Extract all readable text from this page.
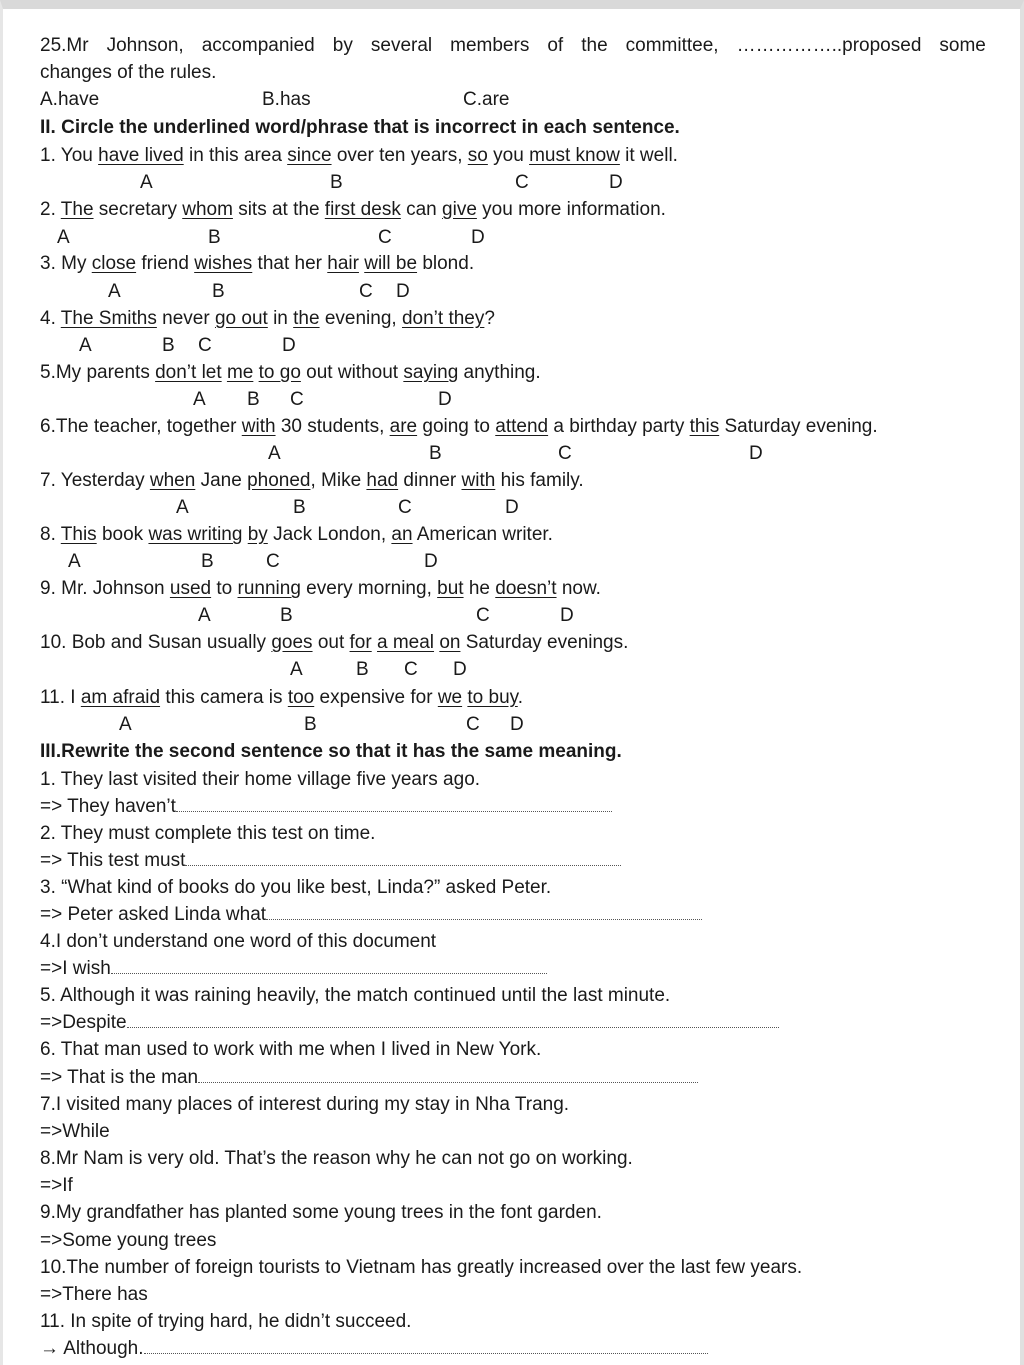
25.Mr Johnson, accompanied by several members of the committee, ……………..proposed some
changes of the rules.
A.have	B.has	C.are
II. Circle the underlined word/phrase that is incorrect in each sentence.
1. You have lived in this area since over ten years, so you must know it well.
A	B	C	D
2. The secretary whom sits at the first desk can give you more information.
A	B	C	D
3. My close friend wishes that her hair will be blond.
A	B	C D
4. The Smiths never go out in the evening, don’t they?
A	B C	D
5.My parents don’t let me to go out without saying anything.
A B C	D
6.The teacher, together with 30 students, are going to attend a birthday party this Saturday evening.
A	B	C	D
7. Yesterday when Jane phoned, Mike had dinner with his family.
A	B	C	D
8. This book was writing by Jack London, an American writer.
A	B	C	D
9. Mr. Johnson used to running every morning, but he doesn’t now.
A	B	C	D
10. Bob and Susan usually goes out for a meal on Saturday evenings.
A	B C D
11. I am afraid this camera is too expensive for we to buy.
A	B	C D
III.Rewrite the second sentence so that it has the same meaning.
1. They last visited their home village five years ago.
=> They haven’t
2. They must complete this test on time.
=> This test must
3. “What kind of books do you like best, Linda?” asked Peter.
=> Peter asked Linda what
4.I don’t understand one word of this document
=>I wish
5. Although it was raining heavily, the match continued until the last minute.
=>Despite
6. That man used to work with me when I lived in New York.
=> That is the man
7.I visited many places of interest during my stay in Nha Trang.
=>While
8.Mr Nam is very old. That’s the reason why he can not go on working.
=>If
9.My grandfather has planted some young trees in the font garden.
=>Some young trees
10.The number of foreign tourists to Vietnam has greatly increased over the last few years.
=>There has
11. In spite of trying hard, he didn’t succeed.
→ Although.
